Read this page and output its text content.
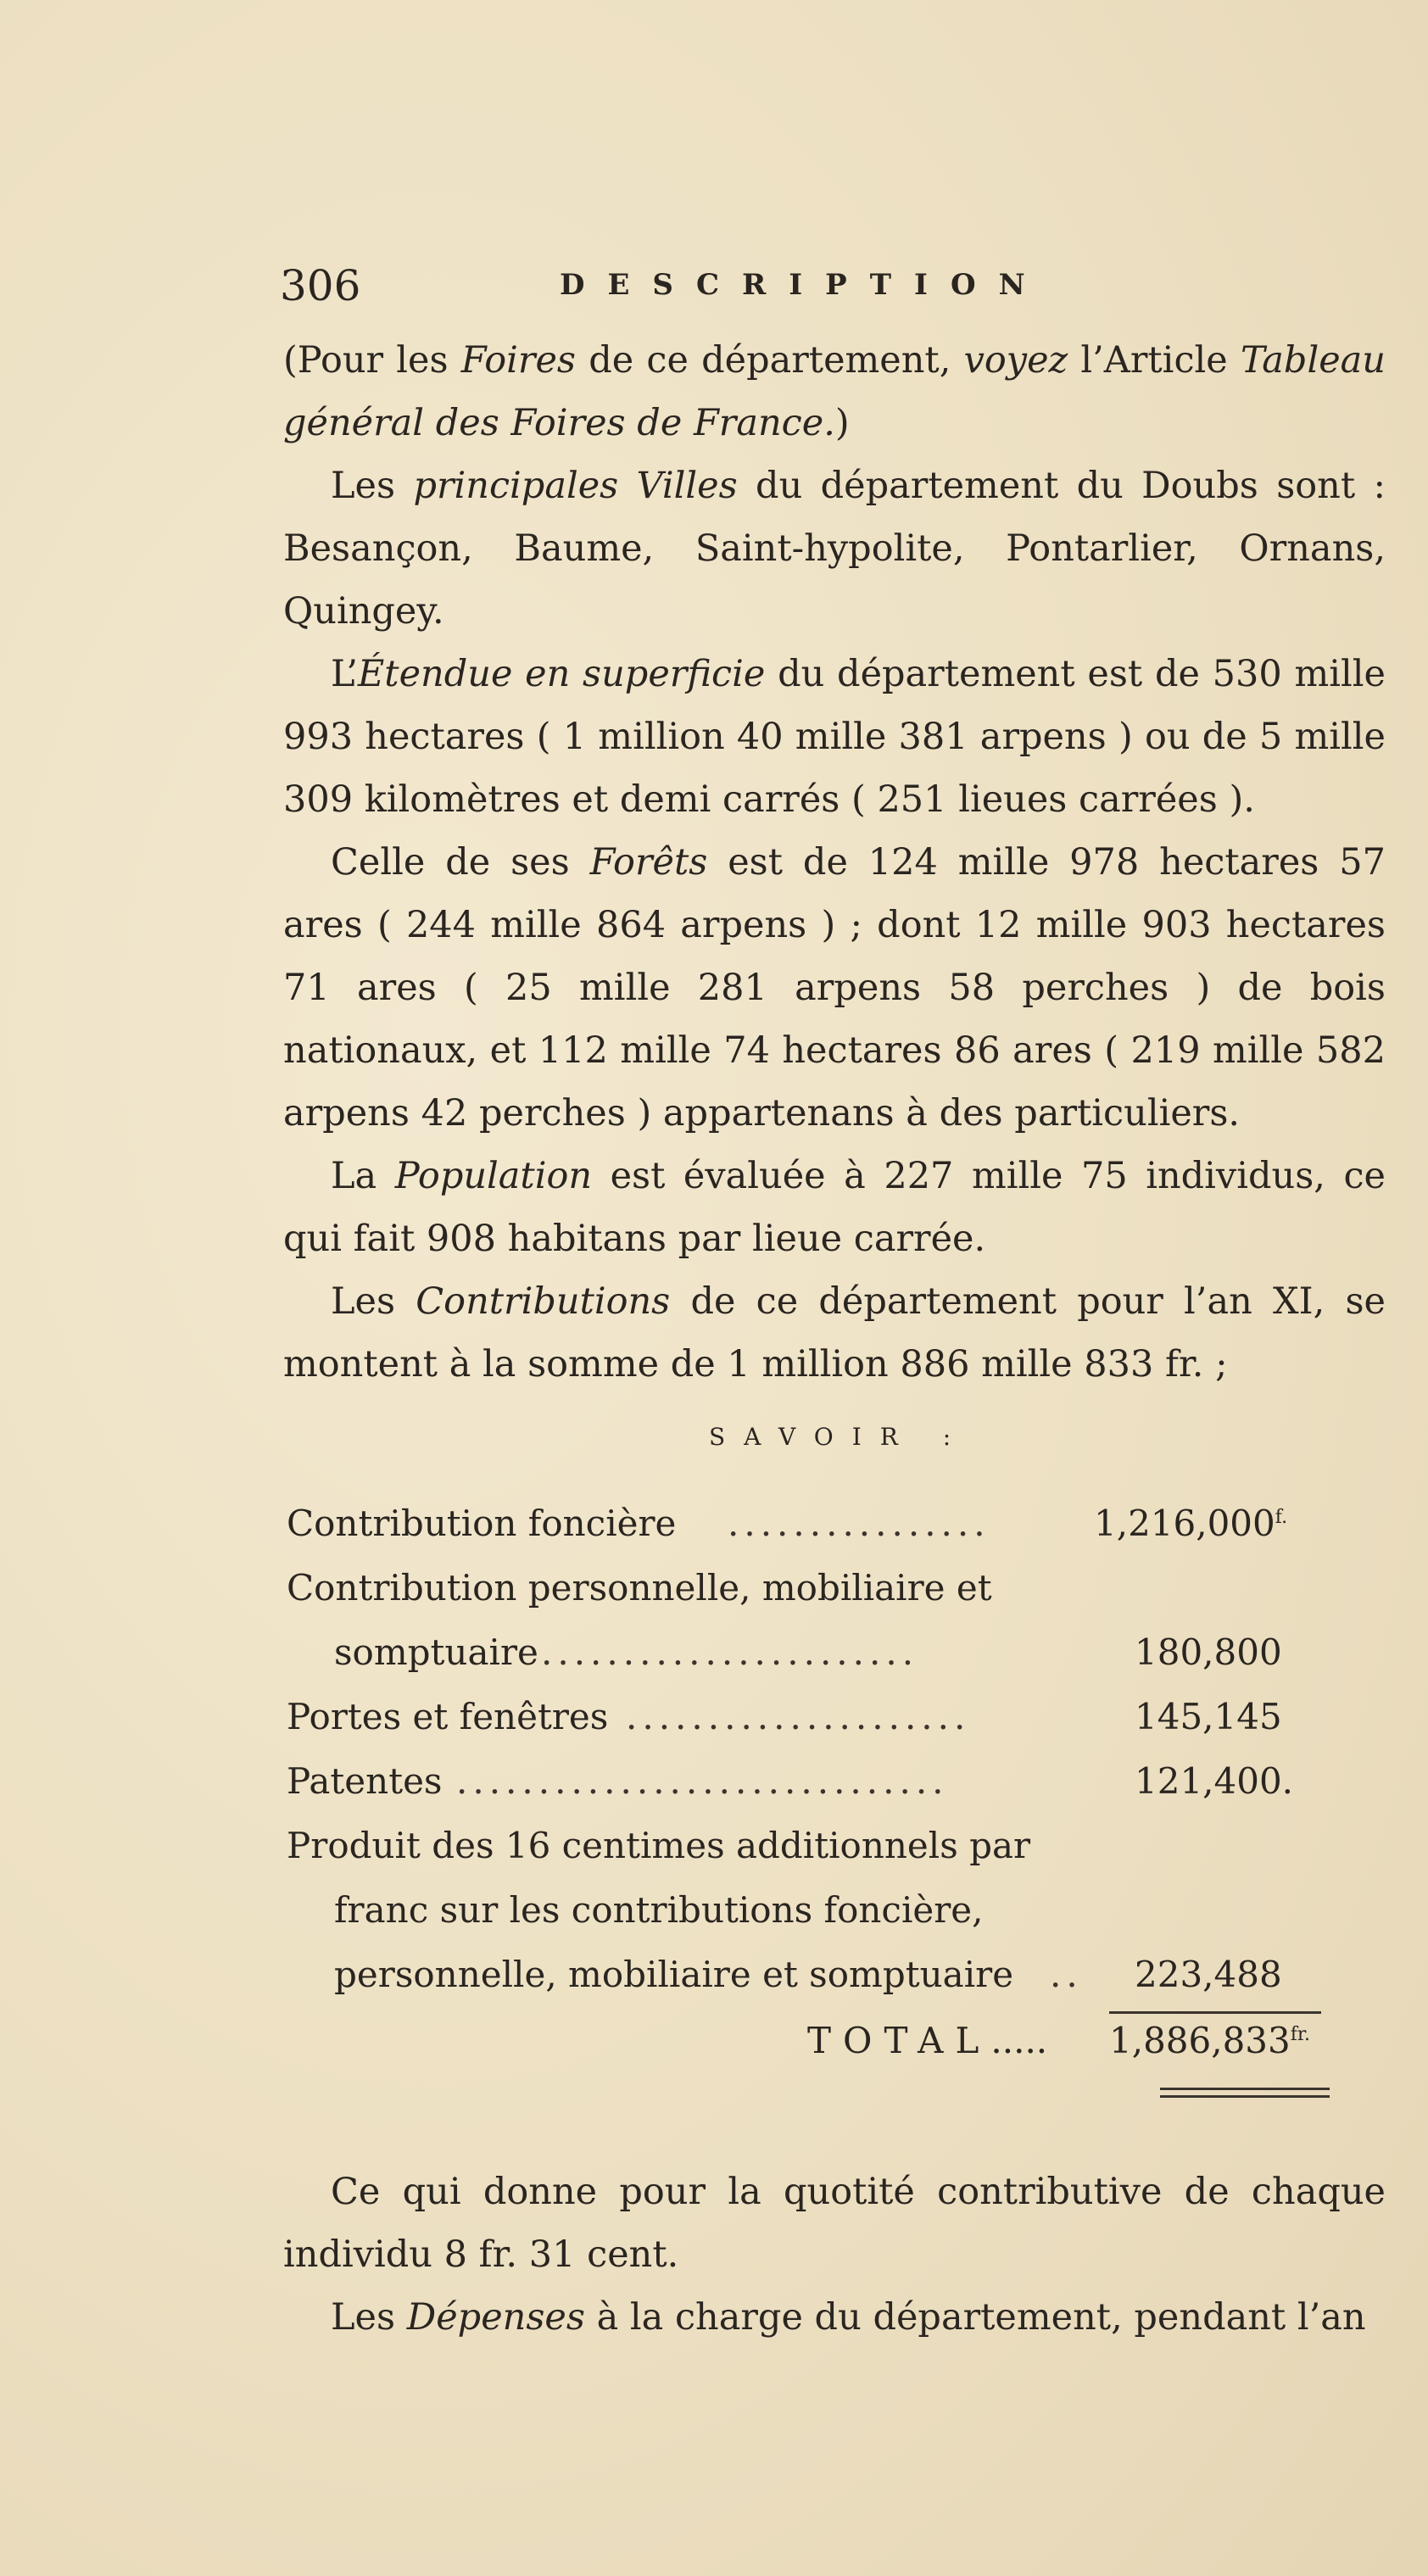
306	DESCRIPTION

(Pour les Foires de ce département, voyez l’Article Tableau général des Foires de France.)

Les principales Villes du département du Doubs sont : Besançon, Baume, Saint-hypolite, Pontarlier, Ornans, Quingey.

L’Étendue en superficie du département est de 530 mille 993 hectares ( 1 million 40 mille 381 arpens ) ou de 5 mille 309 kilomètres et demi carrés ( 251 lieues carrées ).

Celle de ses Forêts est de 124 mille 978 hectares 57 ares ( 244 mille 864 arpens ) ; dont 12 mille 903 hectares 71 ares ( 25 mille 281 arpens 58 perches ) de bois nationaux, et 112 mille 74 hectares 86 ares ( 219 mille 582 arpens 42 perches ) appartenans à des particuliers.

La Population est évaluée à 227 mille 75 individus, ce qui fait 908 habitans par lieue carrée.

Les Contributions de ce département pour l’an XI, se montent à la somme de 1 million 886 mille 833 fr. ;

SAVOIR :
Contribution foncière ................	$1,216,000^{f.}$
Contribution personnelle, mobiliaire et
somptuaire .......................	180,800
Portes et fenêtres .....................	145,145
Patentes ..............................	121,400.
Produit des 16 centimes additionnels par
franc sur les contributions foncière,
personnelle, mobiliaire et somptuaire .. 223,488
TOTAL..... $1,886,833^{fr.}$

Ce qui donne pour la quotité contributive de chaque individu 8 fr. 31 cent.

Les Dépenses à la charge du département, pendant l’an
